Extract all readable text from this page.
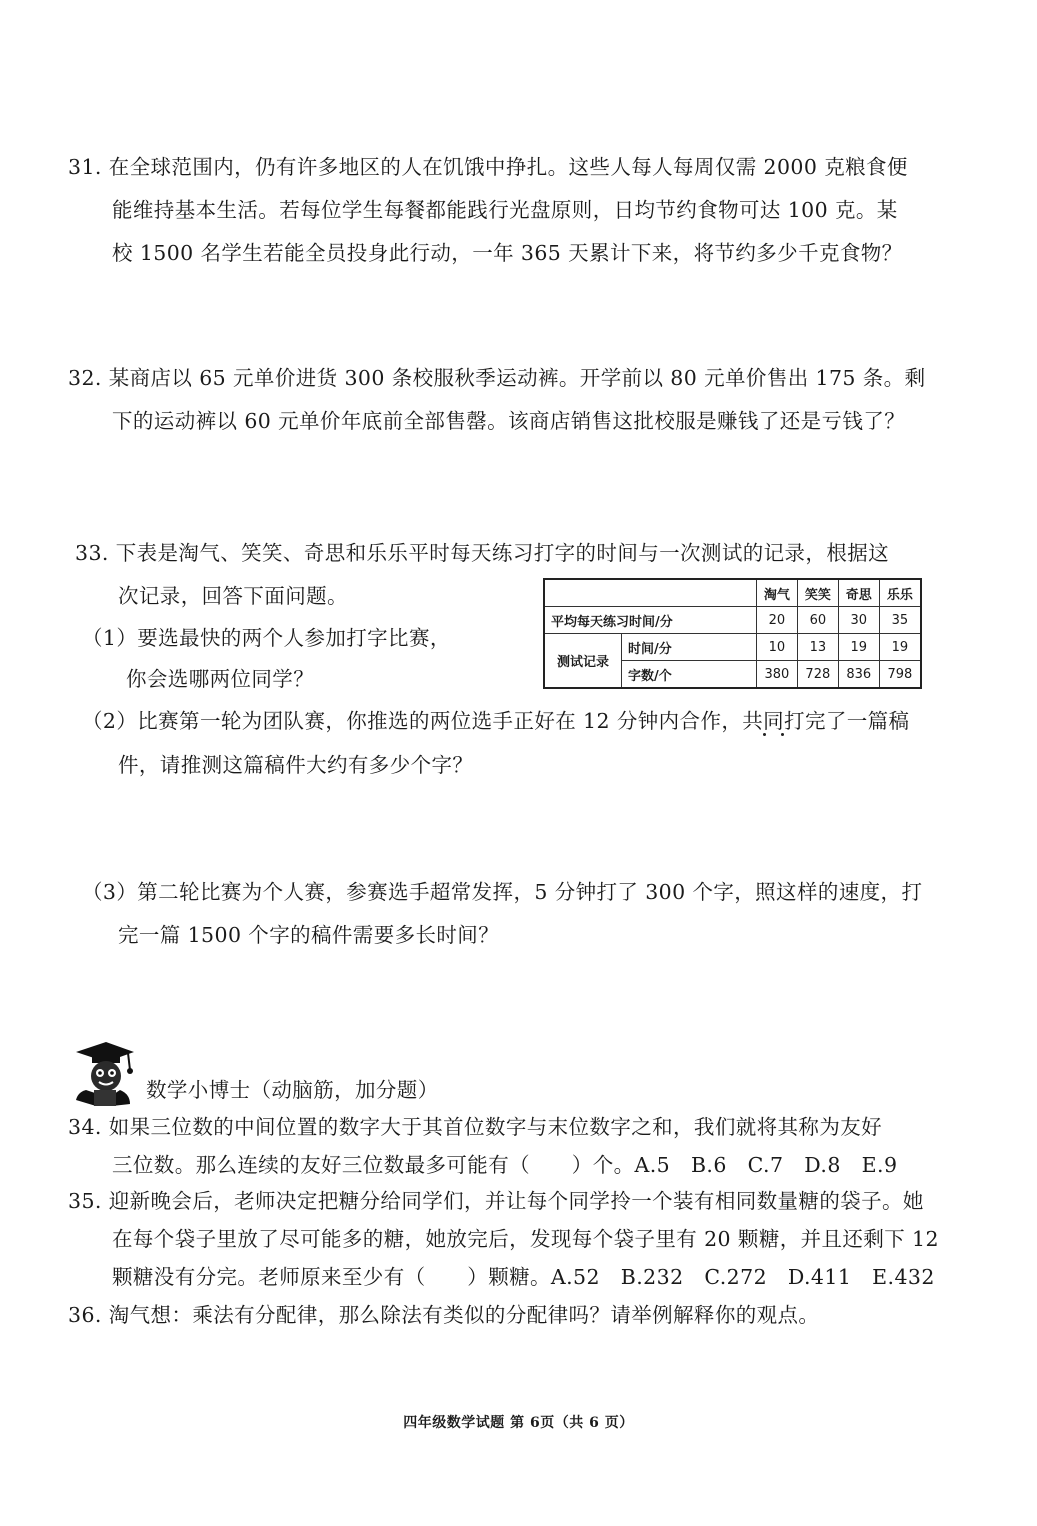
31. 在全球范围内，仍有许多地区的人在饥饿中挣扎。这些人每人每周仅需 2000 克粮食便
能维持基本生活。若每位学生每餐都能践行光盘原则，日均节约食物可达 100 克。某
校 1500 名学生若能全员投身此行动，一年 365 天累计下来，将节约多少千克食物？
32. 某商店以 65 元单价进货 300 条校服秋季运动裤。开学前以 80 元单价售出 175 条。剩
下的运动裤以 60 元单价年底前全部售罄。该商店销售这批校服是赚钱了还是亏钱了？
33. 下表是淘气、笑笑、奇思和乐乐平时每天练习打字的时间与一次测试的记录，根据这
次记录，回答下面问题。
（1）要选最快的两个人参加打字比赛，
你会选哪两位同学？
（2）比赛第一轮为团队赛，你推选的两位选手正好在 12 分钟内合作，共同打完了一篇稿
件，请推测这篇稿件大约有多少个字？
（3）第二轮比赛为个人赛，参赛选手超常发挥，5 分钟打了 300 个字，照这样的速度，打
完一篇 1500 个字的稿件需要多长时间？
		淘气	笑笑	奇思	乐乐
平均每天练习时间/分		20	60	30	35
测试记录	时间/分	10	13	19	19
	字数/个	380	728	836	798
数学小博士（动脑筋，加分题）
34. 如果三位数的中间位置的数字大于其首位数字与末位数字之和，我们就将其称为友好
三位数。那么连续的友好三位数最多可能有（　　）个。A.5　B.6　C.7　D.8　E.9
35. 迎新晚会后，老师决定把糖分给同学们，并让每个同学拎一个装有相同数量糖的袋子。她
在每个袋子里放了尽可能多的糖，她放完后，发现每个袋子里有 20 颗糖，并且还剩下 12
颗糖没有分完。老师原来至少有（　　）颗糖。A.52　B.232　C.272　D.411　E.432
36. 淘气想：乘法有分配律，那么除法有类似的分配律吗？请举例解释你的观点。
四年级数学试题 第 6页（共 6 页）
